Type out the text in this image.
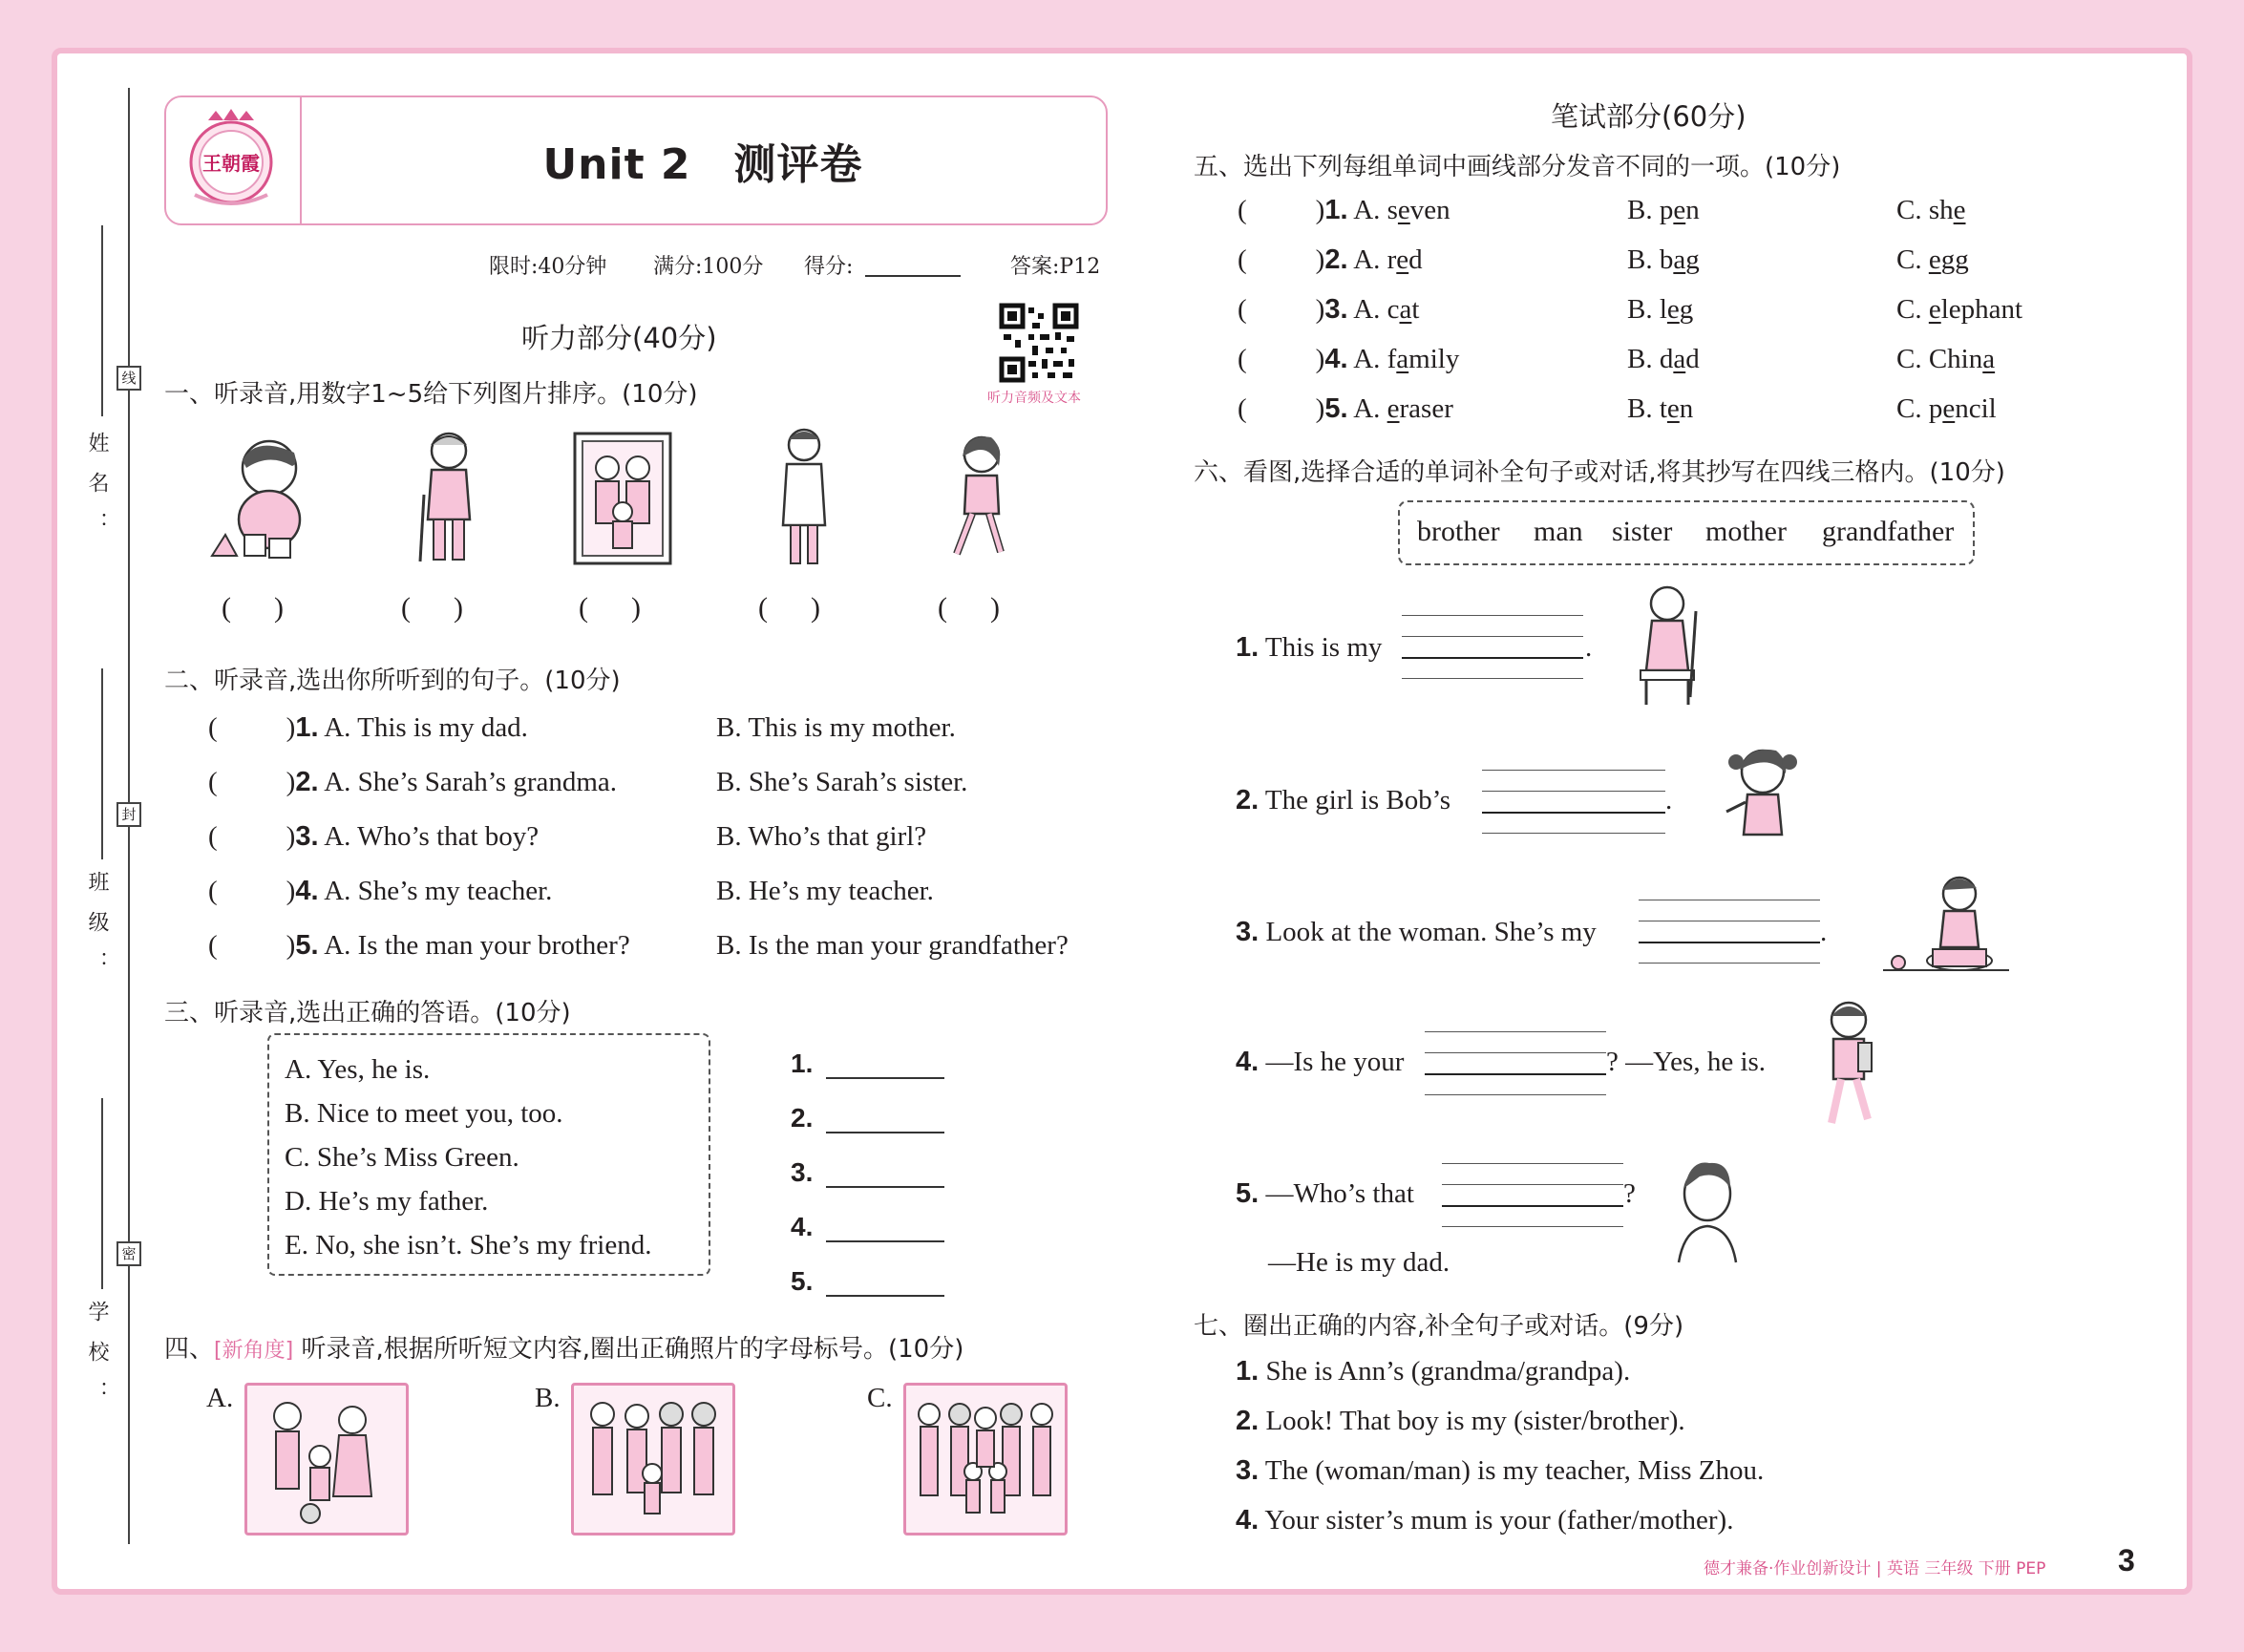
姓名：
班级：
学校：
线
封
密
王朝霞	Unit 2　测评卷
限时:40分钟 满分:100分 得分:	答案:P12
听力部分(40分)
听力音频及文本
一、听录音,用数字1~5给下列图片排序。(10分)
(      )	(      )	(      )	(      )	(      )
二、听录音,选出你所听到的句子。(10分)
( )1. A. This is my dad.	B. This is my mother.
( )2. A. She’s Sarah’s grandma.	B. She’s Sarah’s sister.
( )3. A. Who’s that boy?	B. Who’s that girl?
( )4. A. She’s my teacher.	B. He’s my teacher.
( )5. A. Is the man your brother?	B. Is the man your grandfather?
三、听录音,选出正确的答语。(10分)
A. Yes, he is.
B. Nice to meet you, too.
C. She’s Miss Green.
D. He’s my father.
E. No, she isn’t. She’s my friend.
1.
2.
3.
4.
5.
四、[新角度] 听录音,根据所听短文内容,圈出正确照片的字母标号。(10分)
A.	B.	C.
笔试部分(60分)
五、选出下列每组单词中画线部分发音不同的一项。(10分)
( )1. A. seven	B. pen	C. she
( )2. A. red	B. bag	C. egg
( )3. A. cat	B. leg	C. elephant
( )4. A. family	B. dad	C. China
( )5. A. eraser	B. ten	C. pencil
六、看图,选择合适的单词补全句子或对话,将其抄写在四线三格内。(10分)
brother man sister mother grandfather
1. This is my	.
2. The girl is Bob’s	.
3. Look at the woman. She’s my	.
4. —Is he your	? —Yes, he is.
5. —Who’s that	?
—He is my dad.
七、圈出正确的内容,补全句子或对话。(9分)
1. She is Ann’s (grandma/grandpa).
2. Look! That boy is my (sister/brother).
3. The (woman/man) is my teacher, Miss Zhou.
4. Your sister’s mum is your (father/mother).
德才兼备·作业创新设计 | 英语 三年级 下册 PEP 3
